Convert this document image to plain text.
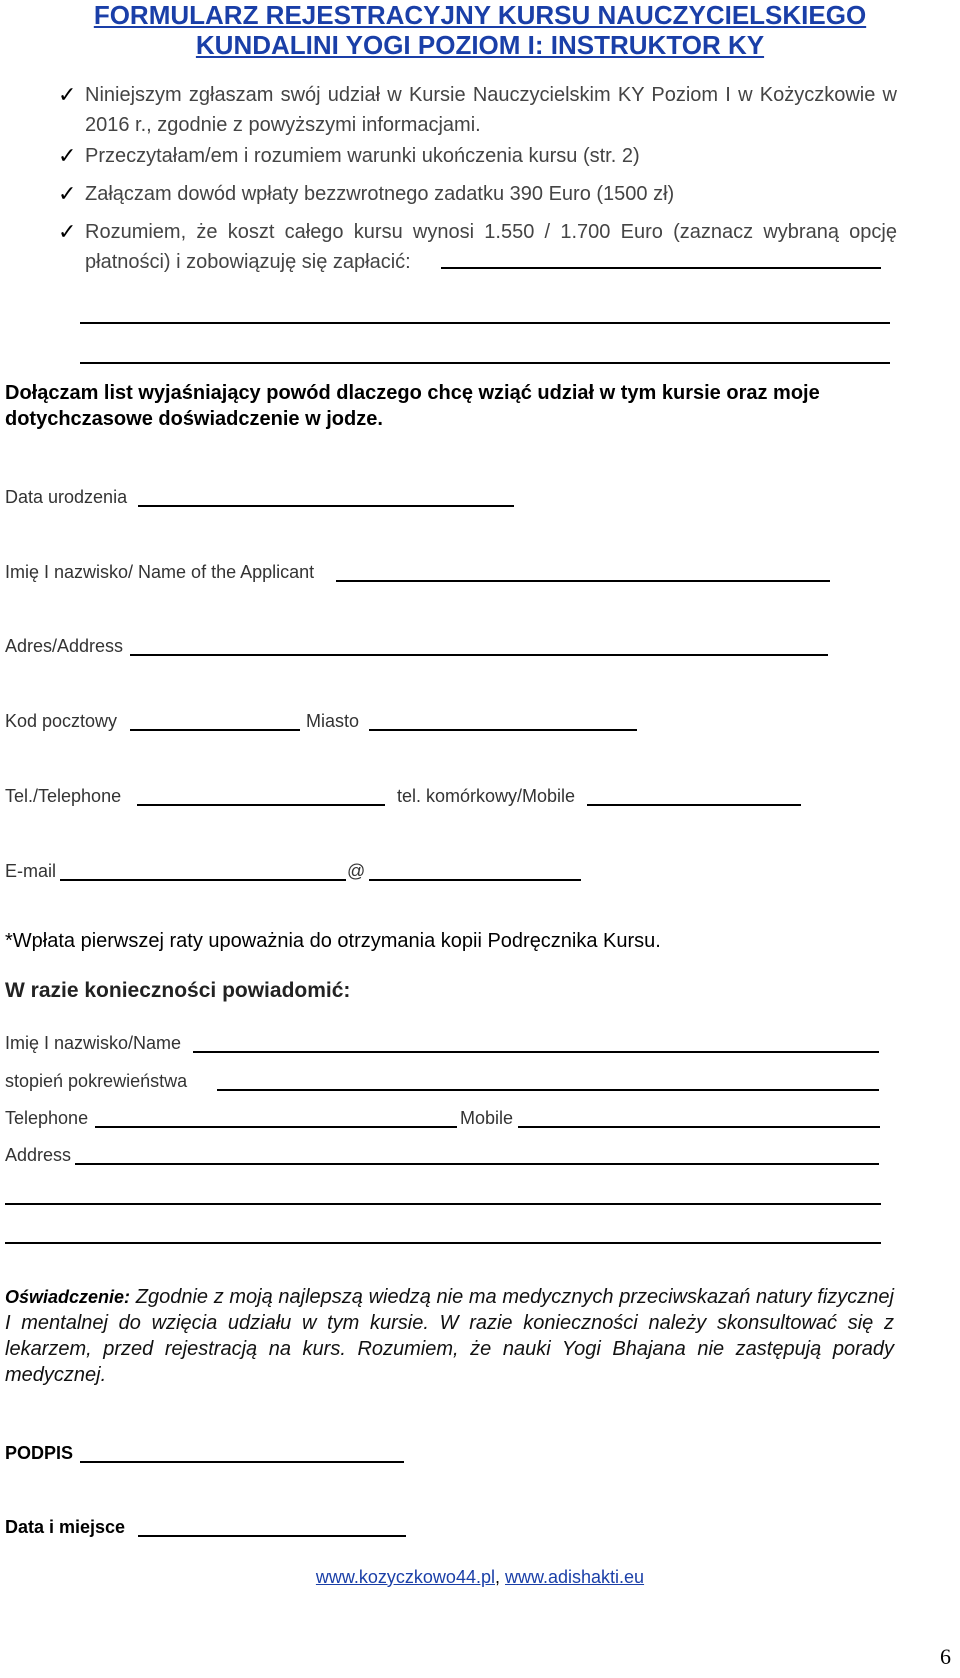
FORMULARZ REJESTRACYJNY KURSU NAUCZYCIELSKIEGO
KUNDALINI YOGI POZIOM I: INSTRUKTOR KY
✓ Niniejszym zgłaszam swój udział w Kursie Nauczycielskim KY Poziom I w Kożyczkowie w 2016 r., zgodnie z powyższymi informacjami.
✓ Przeczytałam/em i rozumiem warunki ukończenia kursu (str. 2)
✓ Załączam dowód wpłaty bezzwrotnego zadatku 390 Euro (1500 zł)
✓ Rozumiem, że koszt całego kursu wynosi 1.550 / 1.700 Euro (zaznacz wybraną opcję płatności) i zobowiązuję się zapłacić:
Dołączam list wyjaśniający powód dlaczego chcę wziąć udział w tym kursie oraz moje dotychczasowe doświadczenie w jodze.
Data urodzenia
Imię I nazwisko/ Name of the Applicant
Adres/Address
Kod pocztowy	Miasto
Tel./Telephone	tel. komórkowy/Mobile
E-mail	@
*Wpłata pierwszej raty upoważnia do otrzymania kopii Podręcznika Kursu.
W razie konieczności powiadomić:
Imię I nazwisko/Name
stopień pokrewieństwa
Telephone	Mobile
Address
Oświadczenie: Zgodnie z moją najlepszą wiedzą nie ma medycznych przeciwskazań natury fizycznej I mentalnej do wzięcia udziału w tym kursie. W razie konieczności należy skonsultować się z lekarzem, przed rejestracją na kurs. Rozumiem, że nauki Yogi Bhajana nie zastępują porady medycznej.
PODPIS
Data i miejsce
www.kozyczkowo44.pl, www.adishakti.eu
6
